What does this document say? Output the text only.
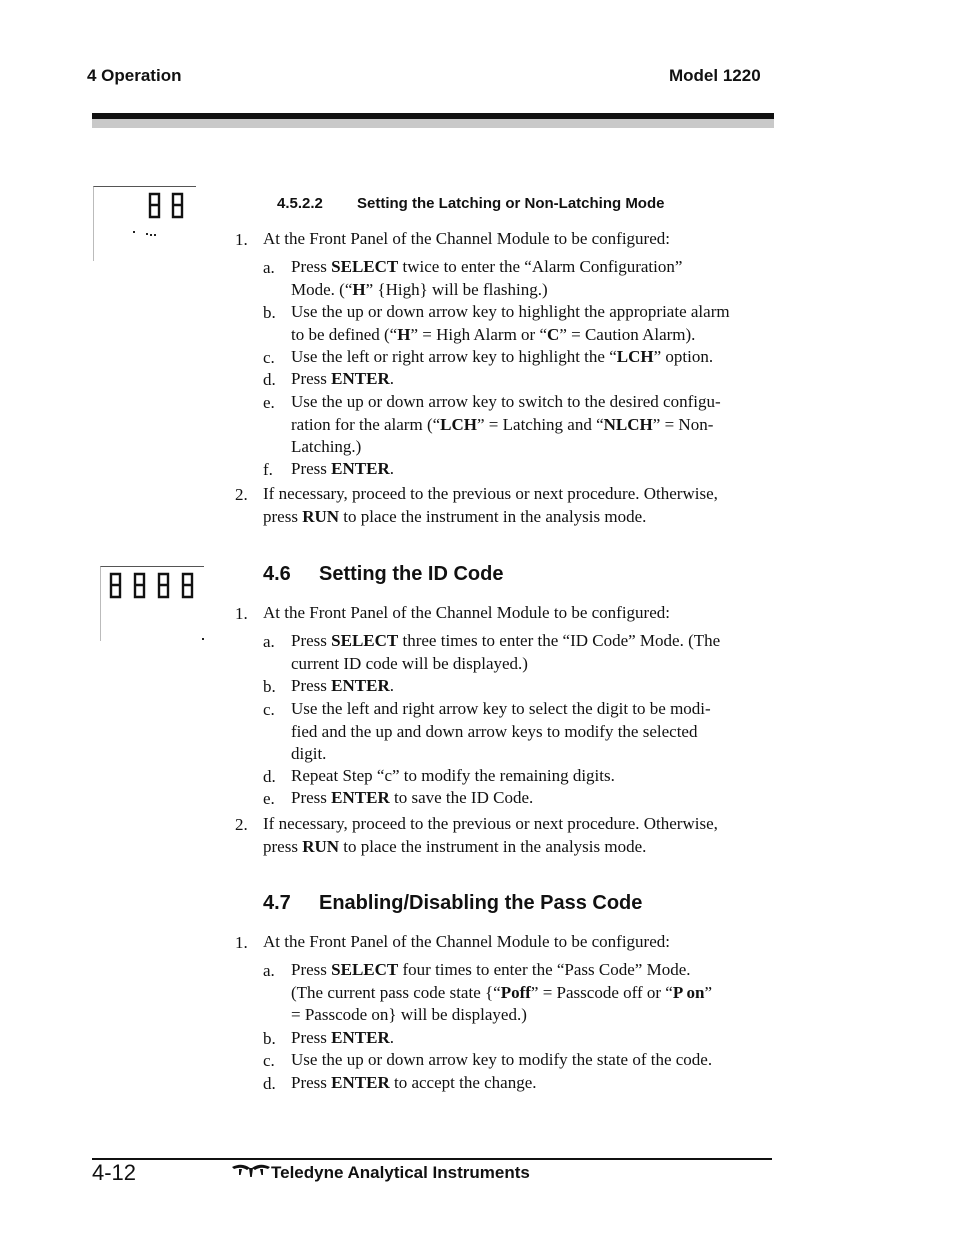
4 Operation	Model 1220
4.5.2.2 Setting the Latching or Non-Latching Mode
1. At the Front Panel of the Channel Module to be configured:
a. Press SELECT twice to enter the “Alarm Configuration”
Mode. (“H” {High} will be flashing.)
b. Use the up or down arrow key to highlight the appropriate alarm
to be defined (“H” = High Alarm or “C” = Caution Alarm).
c. Use the left or right arrow key to highlight the “LCH” option.
d. Press ENTER.
e. Use the up or down arrow key to switch to the desired configu-
ration for the alarm (“LCH” = Latching and “NLCH” = Non-
Latching.)
f. Press ENTER.
2. If necessary, proceed to the previous or next procedure. Otherwise,
press RUN to place the instrument in the analysis mode.
4.6 Setting the ID Code
1. At the Front Panel of the Channel Module to be configured:
a. Press SELECT three times to enter the “ID Code” Mode. (The
current ID code will be displayed.)
b. Press ENTER.
c. Use the left and right arrow key to select the digit to be modi-
fied and the up and down arrow keys to modify the selected
digit.
d. Repeat Step “c” to modify the remaining digits.
e. Press ENTER to save the ID Code.
2. If necessary, proceed to the previous or next procedure. Otherwise,
press RUN to place the instrument in the analysis mode.
4.7 Enabling/Disabling the Pass Code
1. At the Front Panel of the Channel Module to be configured:
a. Press SELECT four times to enter the “Pass Code” Mode.
(The current pass code state {“Poff” = Passcode off or “P on”
= Passcode on} will be displayed.)
b. Press ENTER.
c. Use the up or down arrow key to modify the state of the code.
d. Press ENTER to accept the change.
4-12	Teledyne Analytical Instruments
